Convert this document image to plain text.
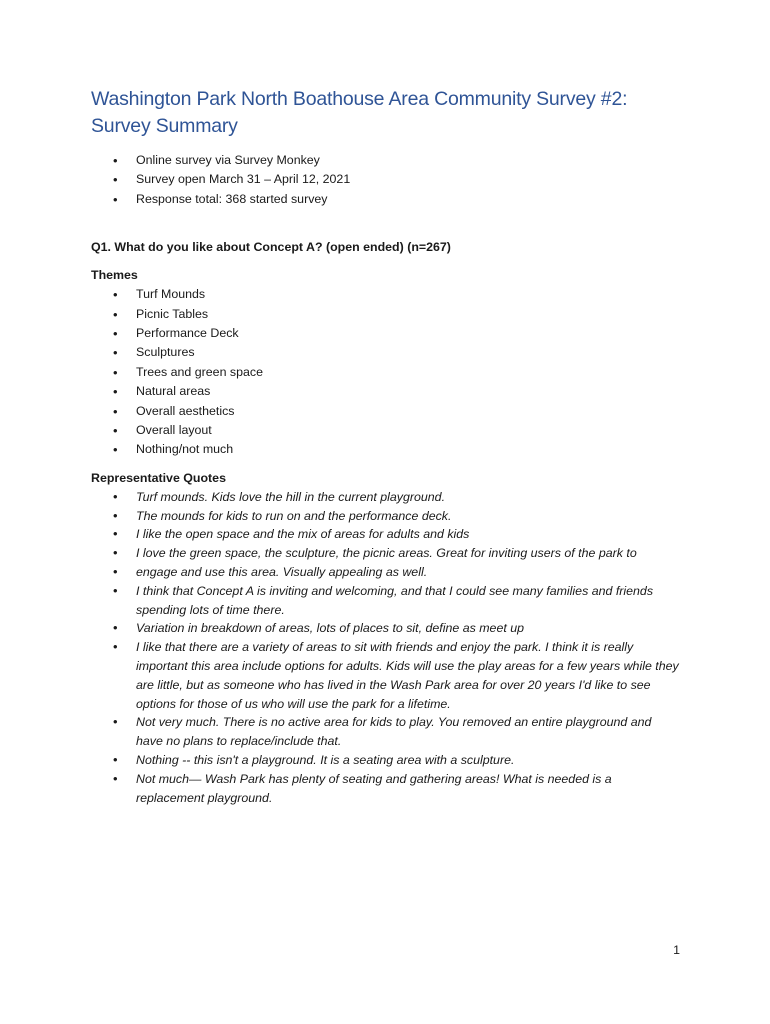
Washington Park North Boathouse Area Community Survey #2: Survey Summary
• Online survey via Survey Monkey
• Survey open March 31 – April 12, 2021
• Response total: 368 started survey

Q1. What do you like about Concept A? (open ended) (n=267)

Themes

• Turf Mounds
• Picnic Tables
• Performance Deck
• Sculptures
• Trees and green space
• Natural areas
• Overall aesthetics
• Overall layout
• Nothing/not much

Representative Quotes

• Turf mounds. Kids love the hill in the current playground.
• The mounds for kids to run on and the performance deck.
• I like the open space and the mix of areas for adults and kids
• I love the green space, the sculpture, the picnic areas. Great for inviting users of the park to
• engage and use this area. Visually appealing as well.
• I think that Concept A is inviting and welcoming, and that I could see many families and friends spending lots of time there.
• Variation in breakdown of areas, lots of places to sit, define as meet up
• I like that there are a variety of areas to sit with friends and enjoy the park. I think it is really important this area include options for adults. Kids will use the play areas for a few years while they are little, but as someone who has lived in the Wash Park area for over 20 years I'd like to see options for those of us who will use the park for a lifetime.
• Not very much. There is no active area for kids to play. You removed an entire playground and have no plans to replace/include that.
• Nothing -- this isn't a playground. It is a seating area with a sculpture.
• Not much— Wash Park has plenty of seating and gathering areas! What is needed is a replacement playground.
1
